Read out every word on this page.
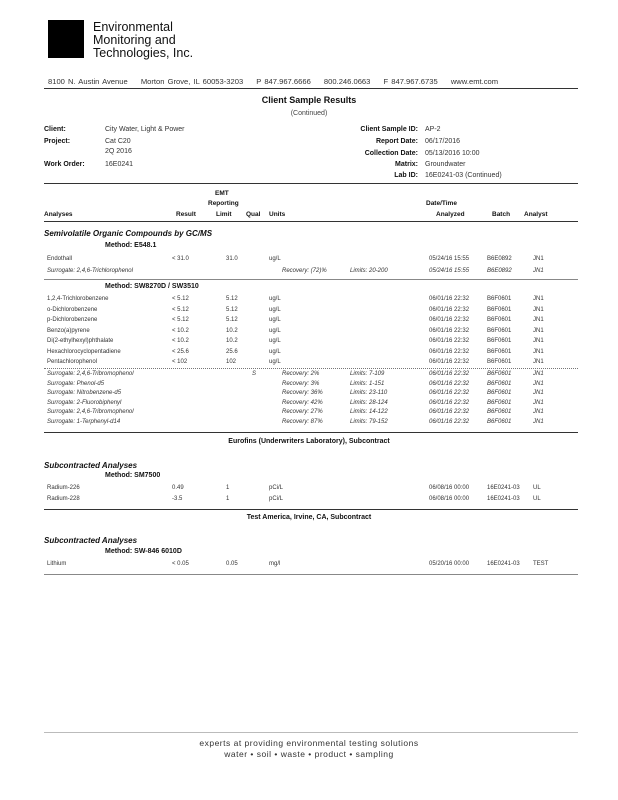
Environmental
Monitoring and
Technologies, Inc.
8100 N. Austin Avenue Morton Grove, IL 60053-3203 P 847.967.6666 800.246.0663 F 847.967.6735 www.emt.com
Client Sample Results
(Continued)
Client:	City Water, Light & Power
Project:	Cat C20
2Q 2016
Work Order:	16E0241
Client Sample ID: AP-2
Report Date: 06/17/2016
Collection Date: 05/13/2016 10:00
Matrix: Groundwater
Lab ID: 16E0241-03 (Continued)
EMT
Reporting	Date/Time
Analyses	Result	Limit Qual Units	Analyzed	Batch Analyst
Semivolatile Organic Compounds by GC/MS
Method: E548.1
Endothall	< 31.0	31.0	ug/L	05/24/16 15:55	B6E0892	JN1
Surrogate: 2,4,6-Trichlorophenol	Recovery: (72)%	Limits: 20-200	05/24/16 15:55	B6E0892	JN1
Method: SW8270D / SW3510
1,2,4-Trichlorobenzene	< 5.12	5.12	ug/L	06/01/16 22:32	B6F0601	JN1
o-Dichlorobenzene	< 5.12	5.12	ug/L	06/01/16 22:32	B6F0601	JN1
p-Dichlorobenzene	< 5.12	5.12	ug/L	06/01/16 22:32	B6F0601	JN1
Benzo(a)pyrene	< 10.2	10.2	ug/L	06/01/16 22:32	B6F0601	JN1
Di(2-ethylhexyl)phthalate	< 10.2	10.2	ug/L	06/01/16 22:32	B6F0601	JN1
Hexachlorocyclopentadiene	< 25.6	25.6	ug/L	06/01/16 22:32	B6F0601	JN1
Pentachlorophenol	< 102	102	ug/L	06/01/16 22:32	B6F0601	JN1
Surrogate: 2,4,6-Tribromophenol	S	Recovery: 2%	Limits: 7-109	06/01/16 22:32	B6F0601	JN1
Surrogate: Phenol-d5	Recovery: 3%	Limits: 1-151	06/01/16 22:32	B6F0601	JN1
Surrogate: Nitrobenzene-d5	Recovery: 36%	Limits: 23-110	06/01/16 22:32	B6F0601	JN1
Surrogate: 2-Fluorobiphenyl	Recovery: 42%	Limits: 28-124	06/01/16 22:32	B6F0601	JN1
Surrogate: 2,4,6-Tribromophenol	Recovery: 27%	Limits: 14-122	06/01/16 22:32	B6F0601	JN1
Surrogate: 1-Terphenyl-d14	Recovery: 87%	Limits: 79-152	06/01/16 22:32	B6F0601	JN1
Eurofins (Underwriters Laboratory), Subcontract
Subcontracted Analyses
Method: SM7500
Radium-226	0.49	1	pCi/L	06/08/16 00:00	16E0241-03 UL
Radium-228	-3.5	1	pCi/L	06/08/16 00:00	16E0241-03 UL
Test America, Irvine, CA, Subcontract
Subcontracted Analyses
Method: SW-846 6010D
Lithium	< 0.05	0.05	mg/l	05/20/16 00:00	16E0241-03 TEST
experts at providing environmental testing solutions
water • soil • waste • product • sampling
